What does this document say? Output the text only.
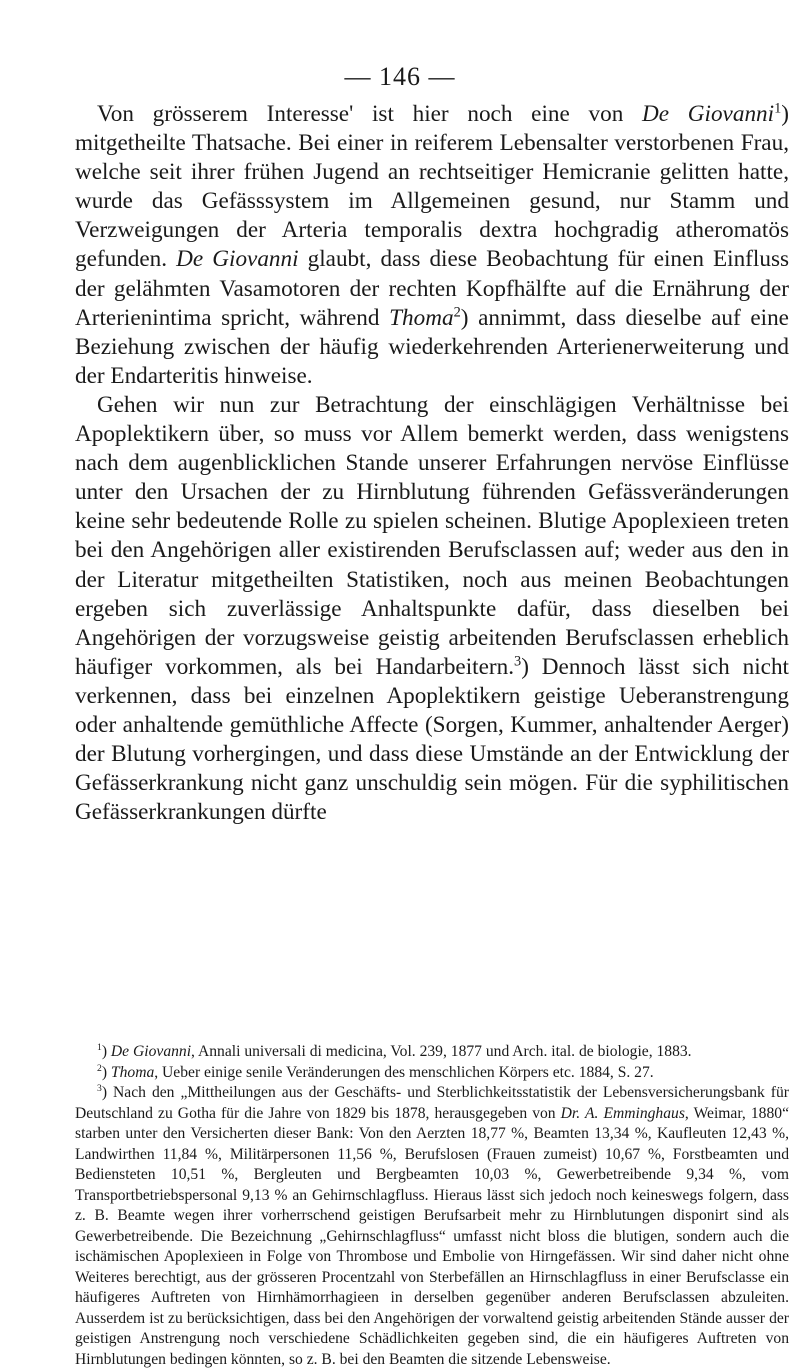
— 146 —

Von grösserem Interesse' ist hier noch eine von De Giovanni$^1$) mitgetheilte Thatsache. Bei einer in reiferem Lebensalter verstorbenen Frau, welche seit ihrer frühen Jugend an rechtseitiger Hemicranie gelitten hatte, wurde das Gefässsystem im Allgemeinen gesund, nur Stamm und Verzweigungen der Arteria temporalis dextra hochgradig atheromatös gefunden. De Giovanni glaubt, dass diese Beobachtung für einen Einfluss der gelähmten Vasamotoren der rechten Kopfhälfte auf die Ernährung der Arterienintima spricht, während Thoma$^2$) annimmt, dass dieselbe auf eine Beziehung zwischen der häufig wiederkehrenden Arterienerweiterung und der Endarteritis hinweise.

Gehen wir nun zur Betrachtung der einschlägigen Verhältnisse bei Apoplektikern über, so muss vor Allem bemerkt werden, dass wenigstens nach dem augenblicklichen Stande unserer Erfahrungen nervöse Einflüsse unter den Ursachen der zu Hirnblutung führenden Gefässveränderungen keine sehr bedeutende Rolle zu spielen scheinen. Blutige Apoplexieen treten bei den Angehörigen aller existirenden Berufsclassen auf; weder aus den in der Literatur mitgetheilten Statistiken, noch aus meinen Beobachtungen ergeben sich zuverlässige Anhaltspunkte dafür, dass dieselben bei Angehörigen der vorzugsweise geistig arbeitenden Berufsclassen erheblich häufiger vorkommen, als bei Handarbeitern.$^3$) Dennoch lässt sich nicht verkennen, dass bei einzelnen Apoplektikern geistige Ueberanstrengung oder anhaltende gemüthliche Affecte (Sorgen, Kummer, anhaltender Aerger) der Blutung vorhergingen, und dass diese Umstände an der Entwicklung der Gefässerkrankung nicht ganz unschuldig sein mögen. Für die syphilitischen Gefässerkrankungen dürfte

$^1$) De Giovanni, Annali universali di medicina, Vol. 239, 1877 und Arch. ital. de biologie, 1883.

$^2$) Thoma, Ueber einige senile Veränderungen des menschlichen Körpers etc. 1884, S. 27.

$^3$) Nach den „Mittheilungen aus der Geschäfts- und Sterblichkeitsstatistik der Lebensversicherungsbank für Deutschland zu Gotha für die Jahre von 1829 bis 1878, herausgegeben von Dr. A. Emminghaus, Weimar, 1880“ starben unter den Versicherten dieser Bank: Von den Aerzten 18,77 %, Beamten 13,34 %, Kaufleuten 12,43 %, Landwirthen 11,84 %, Militärpersonen 11,56 %, Berufslosen (Frauen zumeist) 10,67 %, Forstbeamten und Bediensteten 10,51 %, Bergleuten und Bergbeamten 10,03 %, Gewerbetreibende 9,34 %, vom Transportbetriebspersonal 9,13 % an Gehirnschlagfluss. Hieraus lässt sich jedoch noch keineswegs folgern, dass z. B. Beamte wegen ihrer vorherrschend geistigen Berufsarbeit mehr zu Hirnblutungen disponirt sind als Gewerbetreibende. Die Bezeichnung „Gehirnschlagfluss“ umfasst nicht bloss die blutigen, sondern auch die ischämischen Apoplexieen in Folge von Thrombose und Embolie von Hirngefässen. Wir sind daher nicht ohne Weiteres berechtigt, aus der grösseren Procentzahl von Sterbefällen an Hirnschlagfluss in einer Berufsclasse ein häufigeres Auftreten von Hirnhämorrhagieen in derselben gegenüber anderen Berufsclassen abzuleiten. Ausserdem ist zu berücksichtigen, dass bei den Angehörigen der vorwaltend geistig arbeitenden Stände ausser der geistigen Anstrengung noch verschiedene Schädlichkeiten gegeben sind, die ein häufigeres Auftreten von Hirnblutungen bedingen könnten, so z. B. bei den Beamten die sitzende Lebensweise.
